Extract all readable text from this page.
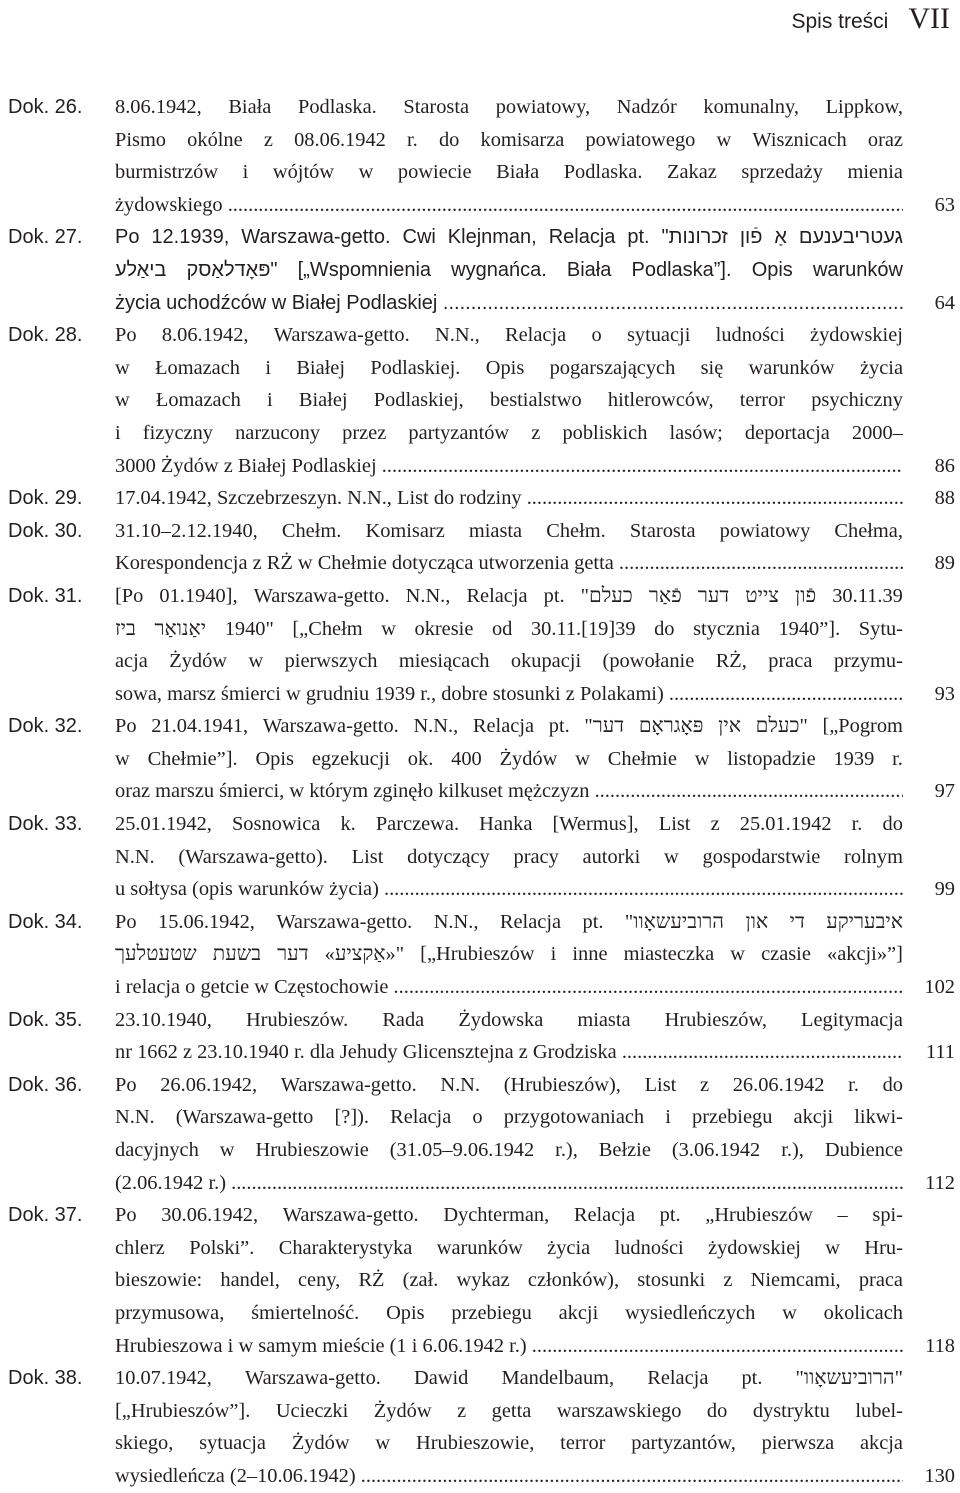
Spis treści VII
Dok. 26.	8.06.1942, Biała Podlaska. Starosta powiatowy, Nadzór komunalny, Lippkow,
Pismo okólne z 08.06.1942 r. do komisarza powiatowego w Wisznicach oraz
burmistrzów i wójtów w powiecie Biała Podlaska. Zakaz sprzedaży mienia
żydowskiego .....	63
Dok. 27.	Po 12.1939, Warszawa-getto. Cwi Klejnman, Relacja pt. "זכרונות פֿון אַ געטריבענעם
ביאַלע פּאָדלאַסק" [„Wspomnienia wygnańca. Biała Podlaska”]. Opis warunków
życia uchodźców w Białej Podlaskiej .....	64
Dok. 28.	Po 8.06.1942, Warszawa-getto. N.N., Relacja o sytuacji ludności żydowskiej
w Łomazach i Białej Podlaskiej. Opis pogarszających się warunków życia
w Łomazach i Białej Podlaskiej, bestialstwo hitlerowców, terror psychiczny
i fizyczny narzucony przez partyzantów z pobliskich lasów; deportacja 2000–
3000 Żydów z Białej Podlaskiej .....	86
Dok. 29.	17.04.1942, Szczebrzeszyn. N.N., List do rodziny .....	88
Dok. 30.	31.10–2.12.1940, Chełm. Komisarz miasta Chełm. Starosta powiatowy Chełma,
Korespondencja z RŻ w Chełmie dotycząca utworzenia getta .....	89
Dok. 31.	[Po 01.1940], Warszawa-getto. N.N., Relacja pt. "כעלם פֿאַר דער צייט פֿון 30.11.39
ביז יאַנואַר 1940" [„Chełm w okresie od 30.11.[19]39 do stycznia 1940”]. Sytu-
acja Żydów w pierwszych miesiącach okupacji (powołanie RŻ, praca przymu-
sowa, marsz śmierci w grudniu 1939 r., dobre stosunki z Polakami) .....	93
Dok. 32.	Po 21.04.1941, Warszawa-getto. N.N., Relacja pt. "דער פּאָגראָם אין כעלם" [„Pogrom
w Chełmie”]. Opis egzekucji ok. 400 Żydów w Chełmie w listopadzie 1939 r.
oraz marszu śmierci, w którym zginęło kilkuset mężczyzn .....	97
Dok. 33.	25.01.1942, Sosnowica k. Parczewa. Hanka [Wermus], List z 25.01.1942 r. do
N.N. (Warszawa-getto). List dotyczący pracy autorki w gospodarstwie rolnym
u sołtysa (opis warunków życia) .....	99
Dok. 34.	Po 15.06.1942, Warszawa-getto. N.N., Relacja pt. "הרוביעשאָוו און די איבעריקע
שטעטלעך בשעת דער «אַקציע»" [„Hrubieszów i inne miasteczka w czasie «akcji»”]
i relacja o getcie w Częstochowie .....	102
Dok. 35.	23.10.1940, Hrubieszów. Rada Żydowska miasta Hrubieszów, Legitymacja
nr 1662 z 23.10.1940 r. dla Jehudy Glicensztejna z Grodziska .....	111
Dok. 36.	Po 26.06.1942, Warszawa-getto. N.N. (Hrubieszów), List z 26.06.1942 r. do
N.N. (Warszawa-getto [?]). Relacja o przygotowaniach i przebiegu akcji likwi-
dacyjnych w Hrubieszowie (31.05–9.06.1942 r.), Bełzie (3.06.1942 r.), Dubience
(2.06.1942 r.) .....	112
Dok. 37.	Po 30.06.1942, Warszawa-getto. Dychterman, Relacja pt. „Hrubieszów – spi-
chlerz Polski”. Charakterystyka warunków życia ludności żydowskiej w Hru-
bieszowie: handel, ceny, RŻ (zał. wykaz członków), stosunki z Niemcami, praca
przymusowa, śmiertelność. Opis przebiegu akcji wysiedleńczych w okolicach
Hrubieszowa i w samym mieście (1 i 6.06.1942 r.) .....	118
Dok. 38.	10.07.1942, Warszawa-getto. Dawid Mandelbaum, Relacja pt. "הרוביעשאָוו"
[„Hrubieszów”]. Ucieczki Żydów z getta warszawskiego do dystryktu lubel-
skiego, sytuacja Żydów w Hrubieszowie, terror partyzantów, pierwsza akcja
wysiedleńcza (2–10.06.1942) .....	130
